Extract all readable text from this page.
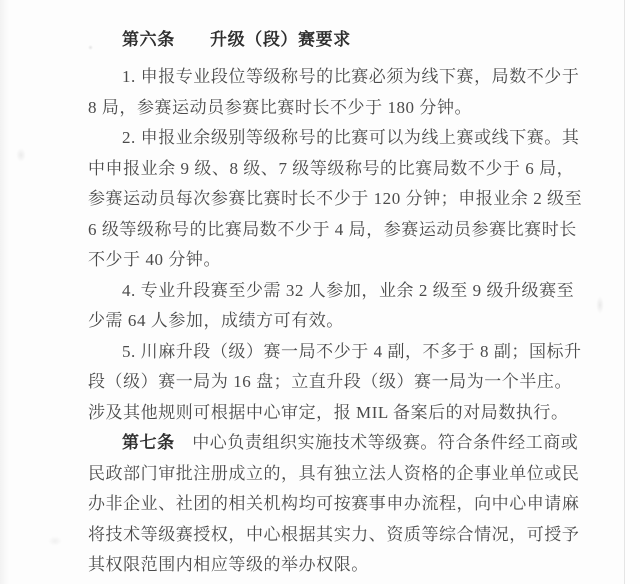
第六条　　 升级（段）赛要求
1. 申报专业段位等级称号的比赛必须为线下赛，局数不少于
8 局，参赛运动员参赛比赛时长不少于 180 分钟。
2. 申报业余级别等级称号的比赛可以为线上赛或线下赛。其
中申报业余 9 级、8 级、7 级等级称号的比赛局数不少于 6 局，
参赛运动员每次参赛比赛时长不少于 120 分钟；申报业余 2 级至
6 级等级称号的比赛局数不少于 4 局，参赛运动员参赛比赛时长
不少于 40 分钟。
4. 专业升段赛至少需 32 人参加，业余 2 级至 9 级升级赛至
少需 64 人参加，成绩方可有效。
5. 川麻升段（级）赛一局不少于 4 副，不多于 8 副；国标升
段（级）赛一局为 16 盘；立直升段（级）赛一局为一个半庄。
涉及其他规则可根据中心审定，报 MIL 备案后的对局数执行。
第七条　 中心负责组织实施技术等级赛。符合条件经工商或
民政部门审批注册成立的，具有独立法人资格的企事业单位或民
办非企业、社团的相关机构均可按赛事申办流程，向中心申请麻
将技术等级赛授权，中心根据其实力、资质等综合情况，可授予
其权限范围内相应等级的举办权限。
